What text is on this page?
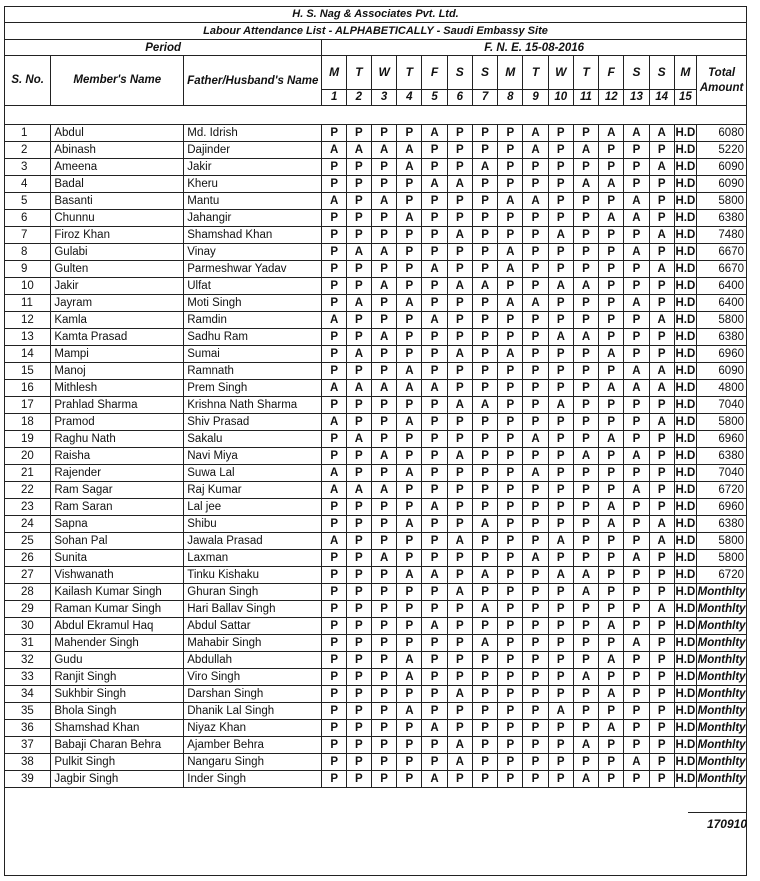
H. S. Nag & Associates Pvt. Ltd.
Labour Attendance List - ALPHABETICALLY - Saudi Embassy Site
Period			F. N. E. 15-08-2016															
S. No.	Member's Name	Father/Husband's Name	M	T	W	T	F	S	S	M	T	W	T	F	S	S	M	Total Amount
			1	2	3	4	5	6	7	8	9	10	11	12	13	14	15	

1	Abdul	Md. Idrish	P	P	P	P	A	P	P	P	A	P	P	A	A	A	H.D	6080
2	Abinash	Dajinder	A	A	A	A	P	P	P	P	A	P	A	P	P	P	H.D	5220
3	Ameena	Jakir	P	P	P	A	P	P	A	P	P	P	P	P	P	A	H.D	6090
4	Badal	Kheru	P	P	P	P	A	A	P	P	P	P	A	A	P	P	H.D	6090
5	Basanti	Mantu	A	P	A	P	P	P	P	A	A	P	P	P	A	P	H.D	5800
6	Chunnu	Jahangir	P	P	P	A	P	P	P	P	P	P	P	A	A	P	H.D	6380
7	Firoz Khan	Shamshad Khan	P	P	P	P	P	A	P	P	P	A	P	P	P	A	H.D	7480
8	Gulabi	Vinay	P	A	A	P	P	P	P	A	P	P	P	P	A	P	H.D	6670
9	Gulten	Parmeshwar Yadav	P	P	P	P	A	P	P	A	P	P	P	P	P	A	H.D	6670
10	Jakir	Ulfat	P	P	A	P	P	A	A	P	P	A	A	P	P	P	H.D	6400
11	Jayram	Moti Singh	P	A	P	A	P	P	P	A	A	P	P	P	A	P	H.D	6400
12	Kamla	Ramdin	A	P	P	P	A	P	P	P	P	P	P	P	P	A	H.D	5800
13	Kamta Prasad	Sadhu Ram	P	P	A	P	P	P	P	P	P	A	A	P	P	P	H.D	6380
14	Mampi	Sumai	P	A	P	P	P	A	P	A	P	P	P	A	P	P	H.D	6960
15	Manoj	Ramnath	P	P	P	A	P	P	P	P	P	P	P	P	A	A	H.D	6090
16	Mithlesh	Prem Singh	A	A	A	A	A	P	P	P	P	P	P	A	A	A	H.D	4800
17	Prahlad Sharma	Krishna Nath Sharma	P	P	P	P	P	A	A	P	P	A	P	P	P	P	H.D	7040
18	Pramod	Shiv Prasad	A	P	P	A	P	P	P	P	P	P	P	P	P	A	H.D	5800
19	Raghu Nath	Sakalu	P	A	P	P	P	P	P	P	A	P	P	A	P	P	H.D	6960
20	Raisha	Navi Miya	P	P	A	P	P	A	P	P	P	P	A	P	A	P	H.D	6380
21	Rajender	Suwa Lal	A	P	P	A	P	P	P	P	A	P	P	P	P	P	H.D	7040
22	Ram Sagar	Raj Kumar	A	A	A	P	P	P	P	P	P	P	P	P	A	P	H.D	6720
23	Ram Saran	Lal jee	P	P	P	P	A	P	P	P	P	P	P	A	P	P	H.D	6960
24	Sapna	Shibu	P	P	P	A	P	P	A	P	P	P	P	A	P	A	H.D	6380
25	Sohan Pal	Jawala Prasad	A	P	P	P	P	A	P	P	P	A	P	P	P	A	H.D	5800
26	Sunita	Laxman	P	P	A	P	P	P	P	P	A	P	P	P	A	P	H.D	5800
27	Vishwanath	Tinku Kishaku	P	P	P	A	A	P	A	P	P	A	A	P	P	P	H.D	6720
28	Kailash Kumar Singh	Ghuran Singh	P	P	P	P	P	A	P	P	P	P	A	P	P	P	H.D	Monthlty
29	Raman Kumar Singh	Hari Ballav Singh	P	P	P	P	P	P	A	P	P	P	P	P	P	A	H.D	Monthlty
30	Abdul Ekramul Haq	Abdul Sattar	P	P	P	P	A	P	P	P	P	P	P	A	P	P	H.D	Monthlty
31	Mahender Singh	Mahabir Singh	P	P	P	P	P	P	A	P	P	P	P	P	A	P	H.D	Monthlty
32	Gudu	Abdullah	P	P	P	A	P	P	P	P	P	P	P	A	P	P	H.D	Monthlty
33	Ranjit Singh	Viro Singh	P	P	P	A	P	P	P	P	P	P	A	P	P	P	H.D	Monthlty
34	Sukhbir Singh	Darshan Singh	P	P	P	P	P	A	P	P	P	P	P	A	P	P	H.D	Monthlty
35	Bhola Singh	Dhanik Lal Singh	P	P	P	A	P	P	P	P	P	A	P	P	P	P	H.D	Monthlty
36	Shamshad Khan	Niyaz Khan	P	P	P	P	A	P	P	P	P	P	P	A	P	P	H.D	Monthlty
37	Babaji Charan Behra	Ajamber Behra	P	P	P	P	P	A	P	P	P	P	A	P	P	P	H.D	Monthlty
38	Pulkit Singh	Nangaru Singh	P	P	P	P	P	A	P	P	P	P	P	P	A	P	H.D	Monthlty
39	Jagbir Singh	Inder Singh	P	P	P	P	A	P	P	P	P	P	A	P	P	P	H.D	Monthlty
170910
